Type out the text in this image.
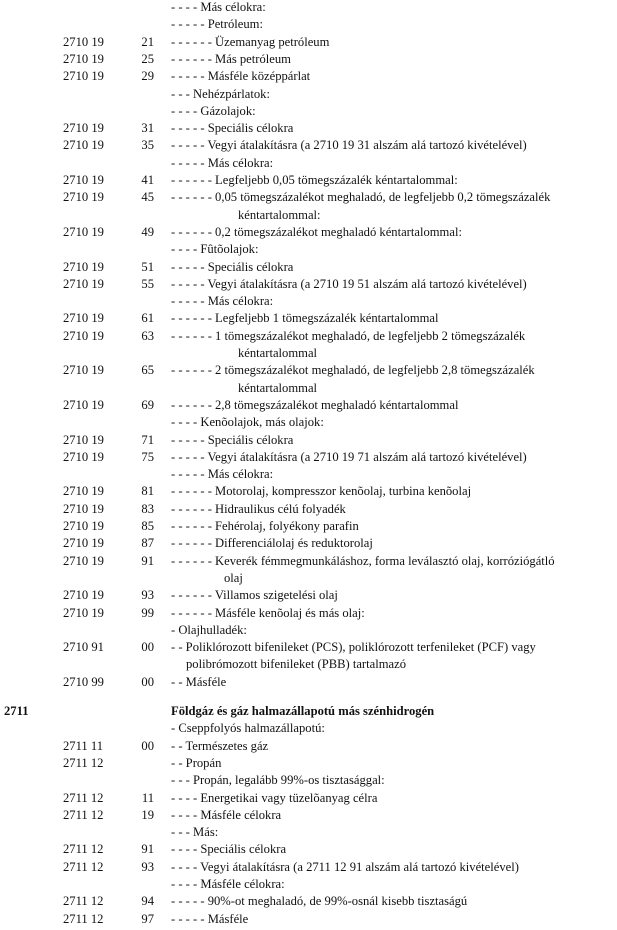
- - - - Más célokra:
- - - - - Petróleum:
2710 19	21 - - - - - - Üzemanyag petróleum
2710 19	25 - - - - - - Más petróleum
2710 19	29 - - - - - Másféle középpárlat
- - - Nehézpárlatok:
- - - - Gázolajok:
2710 19	31 - - - - - Speciális célokra
2710 19	35 - - - - - Vegyi átalakításra (a 2710 19 31 alszám alá tartozó kivételével)
- - - - - Más célokra:
2710 19	41 - - - - - - Legfeljebb 0,05 tömegszázalék kéntartalommal:
2710 19	45 - - - - - - 0,05 tömegszázalékot meghaladó, de legfeljebb 0,2 tömegszázalék
kéntartalommal:
2710 19	49 - - - - - - 0,2 tömegszázalékot meghaladó kéntartalommal:
- - - - Fûtõolajok:
2710 19	51 - - - - - Speciális célokra
2710 19	55 - - - - - Vegyi átalakításra (a 2710 19 51 alszám alá tartozó kivételével)
- - - - - Más célokra:
2710 19	61 - - - - - - Legfeljebb 1 tömegszázalék kéntartalommal
2710 19	63 - - - - - - 1 tömegszázalékot meghaladó, de legfeljebb 2 tömegszázalék
kéntartalommal
2710 19	65 - - - - - - 2 tömegszázalékot meghaladó, de legfeljebb 2,8 tömegszázalék
kéntartalommal
2710 19	69 - - - - - - 2,8 tömegszázalékot meghaladó kéntartalommal
- - - - Kenõolajok, más olajok:
2710 19	71 - - - - - Speciális célokra
2710 19	75 - - - - - Vegyi átalakításra (a 2710 19 71 alszám alá tartozó kivételével)
- - - - - Más célokra:
2710 19	81 - - - - - - Motorolaj, kompresszor kenõolaj, turbina kenõolaj
2710 19	83 - - - - - - Hidraulikus célú folyadék
2710 19	85 - - - - - - Fehérolaj, folyékony parafin
2710 19	87 - - - - - - Differenciálolaj és reduktorolaj
2710 19	91 - - - - - - Keverék fémmegmunkáláshoz, forma leválasztó olaj, korróziógátló
olaj
2710 19	93 - - - - - - Villamos szigetelési olaj
2710 19	99 - - - - - - Másféle kenõolaj és más olaj:
- Olajhulladék:
2710 91	00 - - Poliklórozott bifenileket (PCS), poliklórozott terfenileket (PCF) vagy
polibrómozott bifenileket (PBB) tartalmazó
2710 99	00 - - Másféle
2711	Földgáz és gáz halmazállapotú más szénhidrogén
- Cseppfolyós halmazállapotú:
2711 11	00 - - Természetes gáz
2711 12	- - Propán
- - - Propán, legalább 99%-os tisztasággal:
2711 12	11 - - - - Energetikai vagy tüzelõanyag célra
2711 12	19 - - - - Másféle célokra
- - - Más:
2711 12	91 - - - - Speciális célokra
2711 12	93 - - - - Vegyi átalakításra (a 2711 12 91 alszám alá tartozó kivételével)
- - - - Másféle célokra:
2711 12	94 - - - - - 90%-ot meghaladó, de 99%-osnál kisebb tisztaságú
2711 12	97 - - - - - Másféle
